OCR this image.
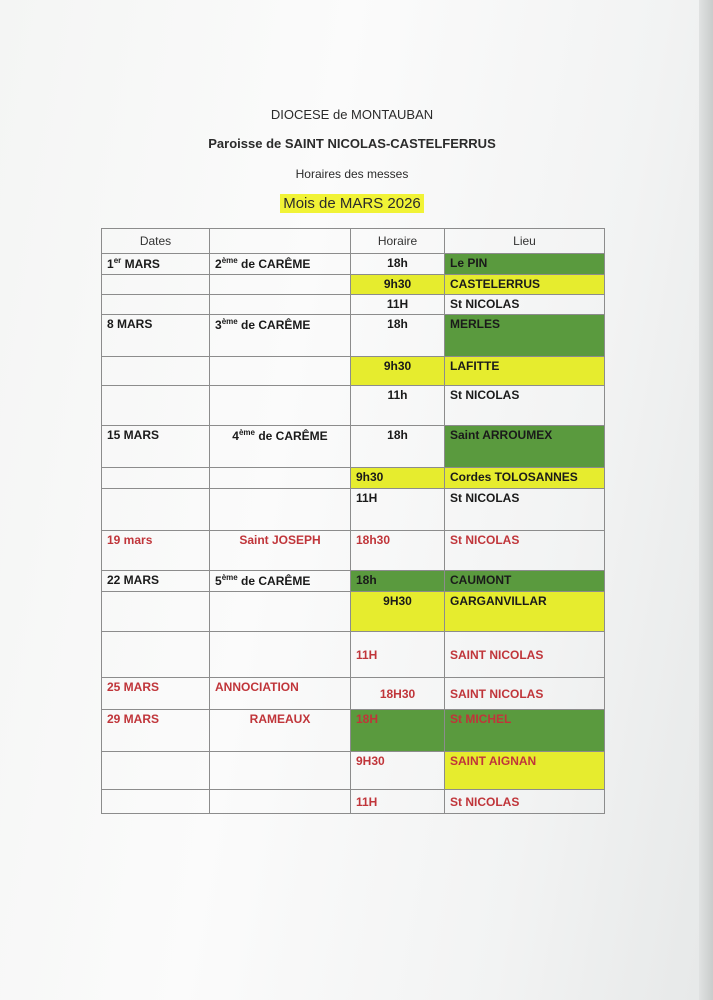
DIOCESE de MONTAUBAN
Paroisse de SAINT NICOLAS-CASTELFERRUS
Horaires des messes
Mois de MARS 2026
Dates		Horaire	Lieu
1er MARS	2ème de CARÊME	18h	Le PIN
		9h30	CASTELERRUS
		11H	St NICOLAS
8 MARS	3ème de CARÊME	18h	MERLES
		9h30	LAFITTE
		11h	St NICOLAS
15 MARS	4ème de CARÊME	18h	Saint ARROUMEX
		9h30	Cordes TOLOSANNES
		11H	St NICOLAS
19 mars	Saint JOSEPH	18h30	St NICOLAS
22 MARS	5ème de CARÊME	18h	CAUMONT
		9H30	GARGANVILLAR
		11H	SAINT NICOLAS
25 MARS	ANNOCIATION	18H30	SAINT NICOLAS
29 MARS	RAMEAUX	18H	St MICHEL
		9H30	SAINT AIGNAN
		11H	St NICOLAS
